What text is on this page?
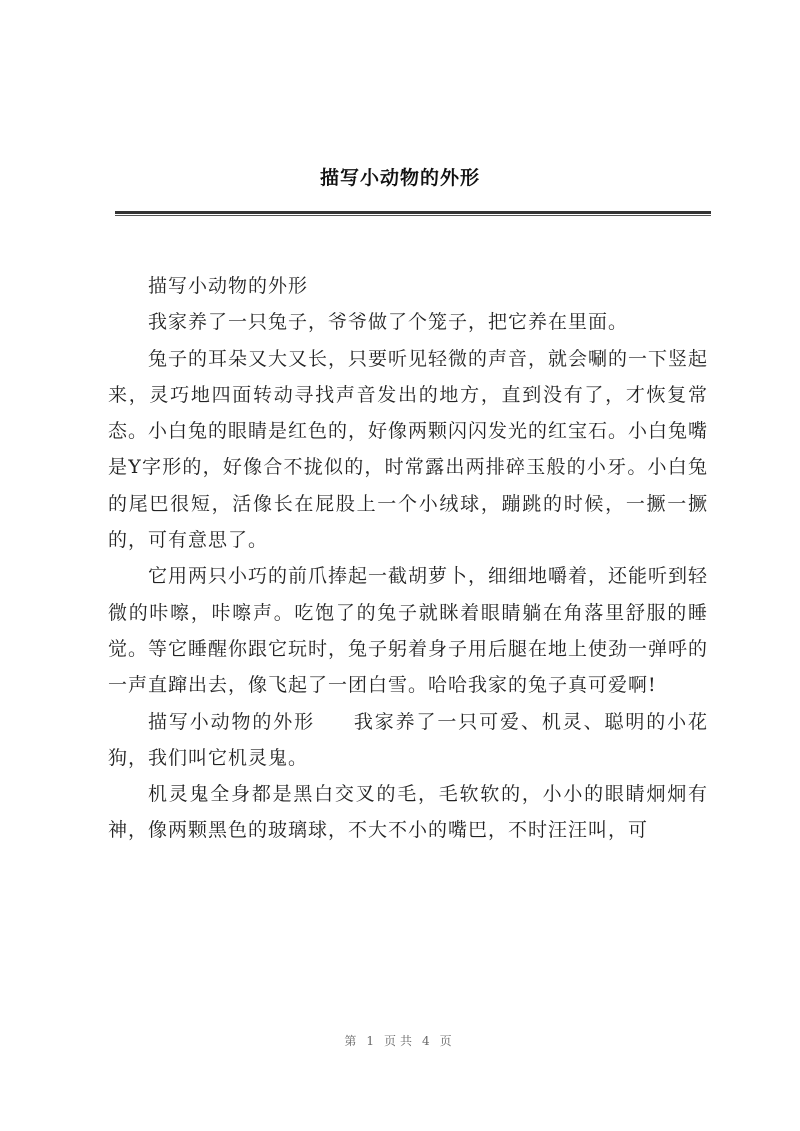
描写小动物的外形

描写小动物的外形

我家养了一只兔子，爷爷做了个笼子，把它养在里面。

兔子的耳朵又大又长，只要听见轻微的声音，就会唰的一下竖起来，灵巧地四面转动寻找声音发出的地方，直到没有了，才恢复常态。小白兔的眼睛是红色的，好像两颗闪闪发光的红宝石。小白兔嘴是Y字形的，好像合不拢似的，时常露出两排碎玉般的小牙。小白兔的尾巴很短，活像长在屁股上一个小绒球，蹦跳的时候，一撅一撅的，可有意思了。

它用两只小巧的前爪捧起一截胡萝卜，细细地嚼着，还能听到轻微的咔嚓，咔嚓声。吃饱了的兔子就眯着眼睛躺在角落里舒服的睡觉。等它睡醒你跟它玩时，兔子躬着身子用后腿在地上使劲一弹呼的一声直蹿出去，像飞起了一团白雪。哈哈我家的兔子真可爱啊!

描写小动物的外形 我家养了一只可爱、机灵、聪明的小花狗，我们叫它机灵鬼。

机灵鬼全身都是黑白交叉的毛，毛软软的，小小的眼睛炯炯有神，像两颗黑色的玻璃球，不大不小的嘴巴，不时汪汪叫，可

第 1 页共 4 页
